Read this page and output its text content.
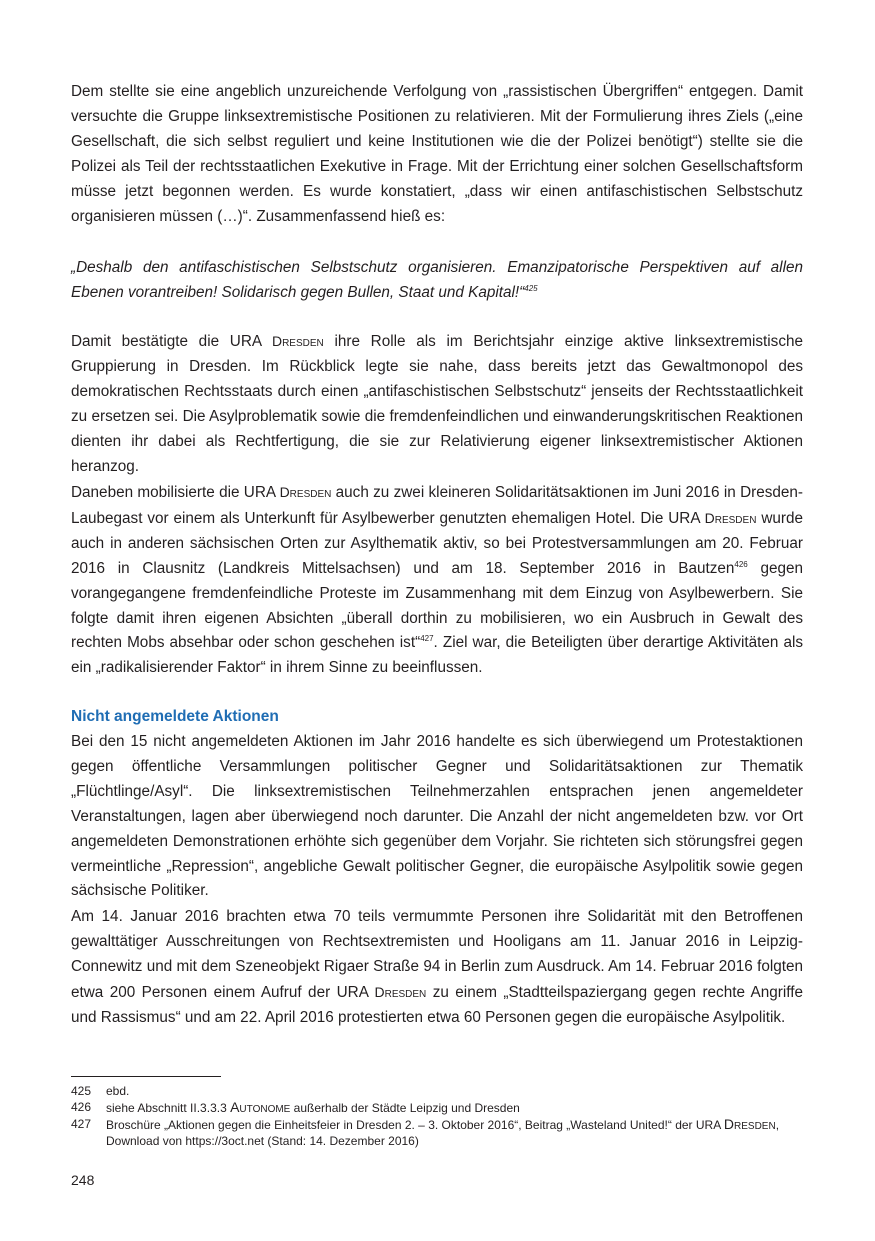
Dem stellte sie eine angeblich unzureichende Verfolgung von „rassistischen Übergriffen“ entgegen. Damit versuchte die Gruppe linksextremistische Positionen zu relativieren. Mit der Formulierung ihres Ziels („eine Gesellschaft, die sich selbst reguliert und keine Institutionen wie die der Polizei benötigt“) stellte sie die Polizei als Teil der rechtsstaatlichen Exekutive in Frage. Mit der Errichtung einer solchen Gesellschaftsform müsse jetzt begonnen werden. Es wurde konstatiert, „dass wir einen antifaschistischen Selbstschutz organisieren müssen (…)“. Zusammenfassend hieß es:

„Deshalb den antifaschistischen Selbstschutz organisieren. Emanzipatorische Perspektiven auf allen Ebenen vorantreiben! Solidarisch gegen Bullen, Staat und Kapital!“$^{425}$

Damit bestätigte die URA Dresden ihre Rolle als im Berichtsjahr einzige aktive linksextremistische Gruppierung in Dresden. Im Rückblick legte sie nahe, dass bereits jetzt das Gewaltmonopol des demokratischen Rechtsstaats durch einen „antifaschistischen Selbstschutz“ jenseits der Rechtsstaatlichkeit zu ersetzen sei. Die Asylproblematik sowie die fremdenfeindlichen und einwanderungskritischen Reaktionen dienten ihr dabei als Rechtfertigung, die sie zur Relativierung eigener linksextremistischer Aktionen heranzog.

Daneben mobilisierte die URA Dresden auch zu zwei kleineren Solidaritätsaktionen im Juni 2016 in Dresden-Laubegast vor einem als Unterkunft für Asylbewerber genutzten ehemaligen Hotel. Die URA Dresden wurde auch in anderen sächsischen Orten zur Asylthematik aktiv, so bei Protestversammlungen am 20. Februar 2016 in Clausnitz (Landkreis Mittelsachsen) und am 18. September 2016 in Bautzen$^{426}$ gegen vorangegangene fremdenfeindliche Proteste im Zusammenhang mit dem Einzug von Asylbewerbern. Sie folgte damit ihren eigenen Absichten „überall dorthin zu mobilisieren, wo ein Ausbruch in Gewalt des rechten Mobs absehbar oder schon geschehen ist“$^{427}$. Ziel war, die Beteiligten über derartige Aktivitäten als ein „radikalisierender Faktor“ in ihrem Sinne zu beeinflussen.

Nicht angemeldete Aktionen

Bei den 15 nicht angemeldeten Aktionen im Jahr 2016 handelte es sich überwiegend um Protestaktionen gegen öffentliche Versammlungen politischer Gegner und Solidaritätsaktionen zur Thematik „Flüchtlinge/Asyl“. Die linksextremistischen Teilnehmerzahlen entsprachen jenen angemeldeter Veranstaltungen, lagen aber überwiegend noch darunter. Die Anzahl der nicht angemeldeten bzw. vor Ort angemeldeten Demonstrationen erhöhte sich gegenüber dem Vorjahr. Sie richteten sich störungsfrei gegen vermeintliche „Repression“, angebliche Gewalt politischer Gegner, die europäische Asylpolitik sowie gegen sächsische Politiker.

Am 14. Januar 2016 brachten etwa 70 teils vermummte Personen ihre Solidarität mit den Betroffenen gewalttätiger Ausschreitungen von Rechtsextremisten und Hooligans am 11. Januar 2016 in Leipzig-Connewitz und mit dem Szeneobjekt Rigaer Straße 94 in Berlin zum Ausdruck. Am 14. Februar 2016 folgten etwa 200 Personen einem Aufruf der URA Dresden zu einem „Stadtteilspaziergang gegen rechte Angriffe und Rassismus“ und am 22. April 2016 protestierten etwa 60 Personen gegen die europäische Asylpolitik.

425	ebd.
426	siehe Abschnitt II.3.3.3 Autonome außerhalb der Städte Leipzig und Dresden
427	Broschüre „Aktionen gegen die Einheitsfeier in Dresden 2. – 3. Oktober 2016“, Beitrag „Wasteland United!“ der URA Dresden, Download von https://3oct.net (Stand: 14. Dezember 2016)
248
